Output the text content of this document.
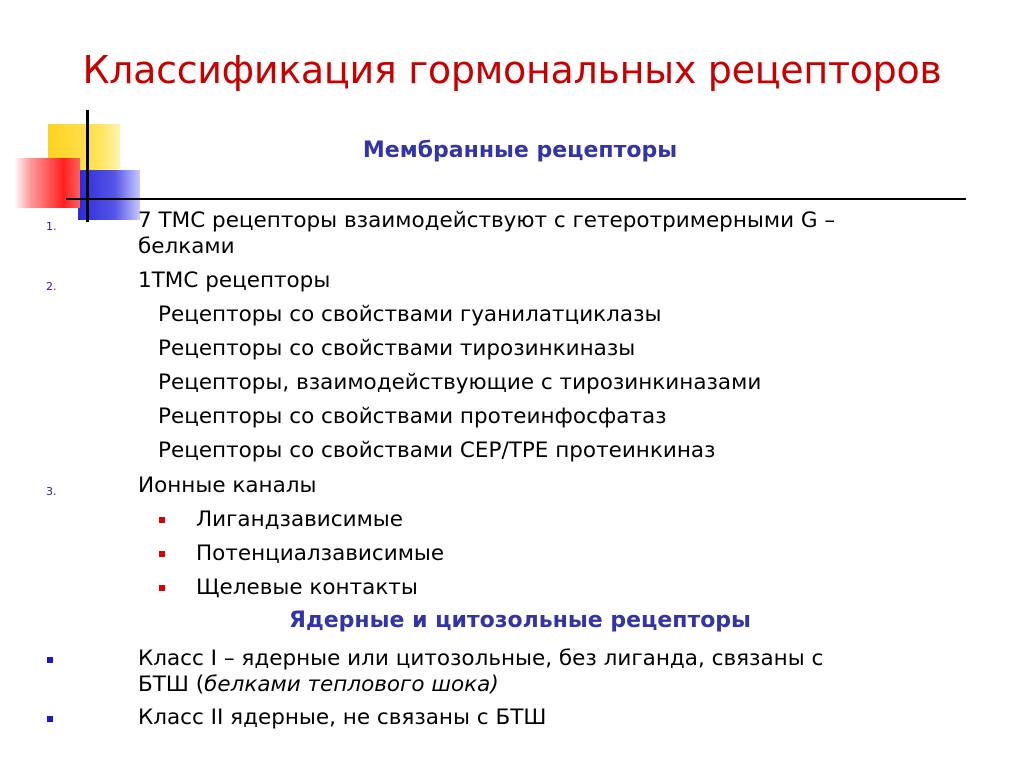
Классификация гормональных рецепторов
Мембранные рецепторы
1.	7 ТМС рецепторы взаимодействуют с гетеротримерными G –
белками
2.	1ТМС рецепторы
Рецепторы со свойствами гуанилатциклазы
Рецепторы со свойствами тирозинкиназы
Рецепторы, взаимодействующие с тирозинкиназами
Рецепторы со свойствами протеинфосфатаз
Рецепторы со свойствами СЕР/ТРЕ протеинкиназ
3.	Ионные каналы
Лигандзависимые
Потенциалзависимые
Щелевые контакты
Ядерные и цитозольные рецепторы
Класс I – ядерные или цитозольные, без лиганда, связаны с
БТШ (белками теплового шока)
Класс II ядерные, не связаны с БТШ
